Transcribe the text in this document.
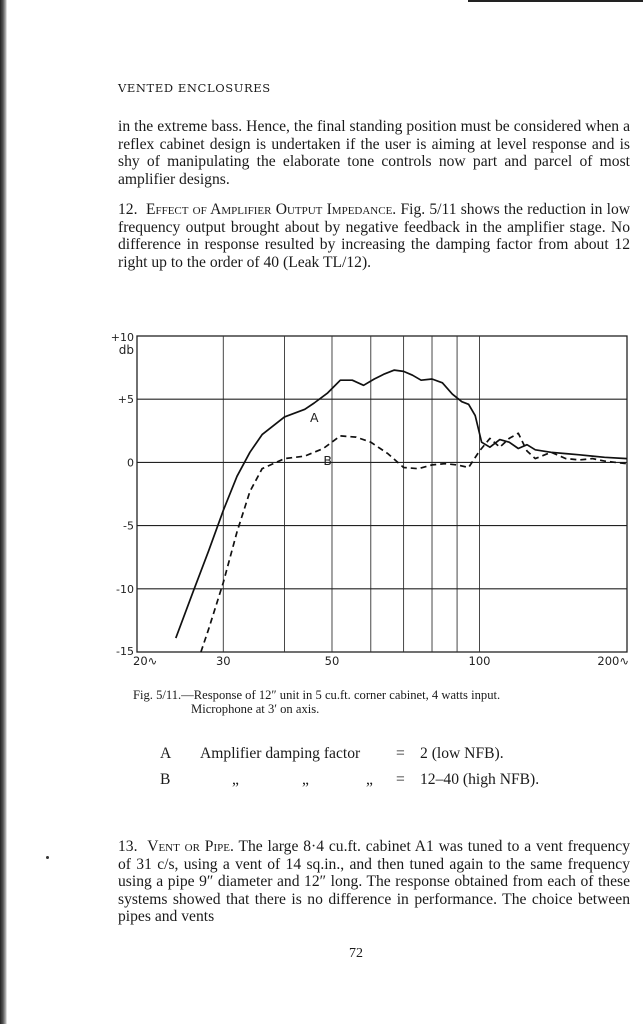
VENTED ENCLOSURES

in the extreme bass. Hence, the final standing position must be considered when a reflex cabinet design is undertaken if the user is aiming at level response and is shy of manipulating the elaborate tone controls now part and parcel of most amplifier designs.

12. Effect of Amplifier Output Impedance. Fig. 5/11 shows the reduction in low frequency output brought about by negative feedback in the amplifier stage. No difference in response resulted by increasing the damping factor from about 12 right up to the order of 40 (Leak TL/12).

+10
+5
0
-5
-10
-15
20∿	30	50	100	200∿
A
B
db
Fig. 5/11.—Response of 12″ unit in 5 cu.ft. corner cabinet, 4 watts input.
Microphone at 3′ on axis.
A Amplifier damping factor = 2 (low NFB).
B	„	„	„ = 12–40 (high NFB).

13. Vent or Pipe. The large 8·4 cu.ft. cabinet A1 was tuned to a vent frequency of 31 c/s, using a vent of 14 sq.in., and then tuned again to the same frequency using a pipe 9″ diameter and 12″ long. The response obtained from each of these systems showed that there is no difference in performance. The choice between pipes and vents

72
